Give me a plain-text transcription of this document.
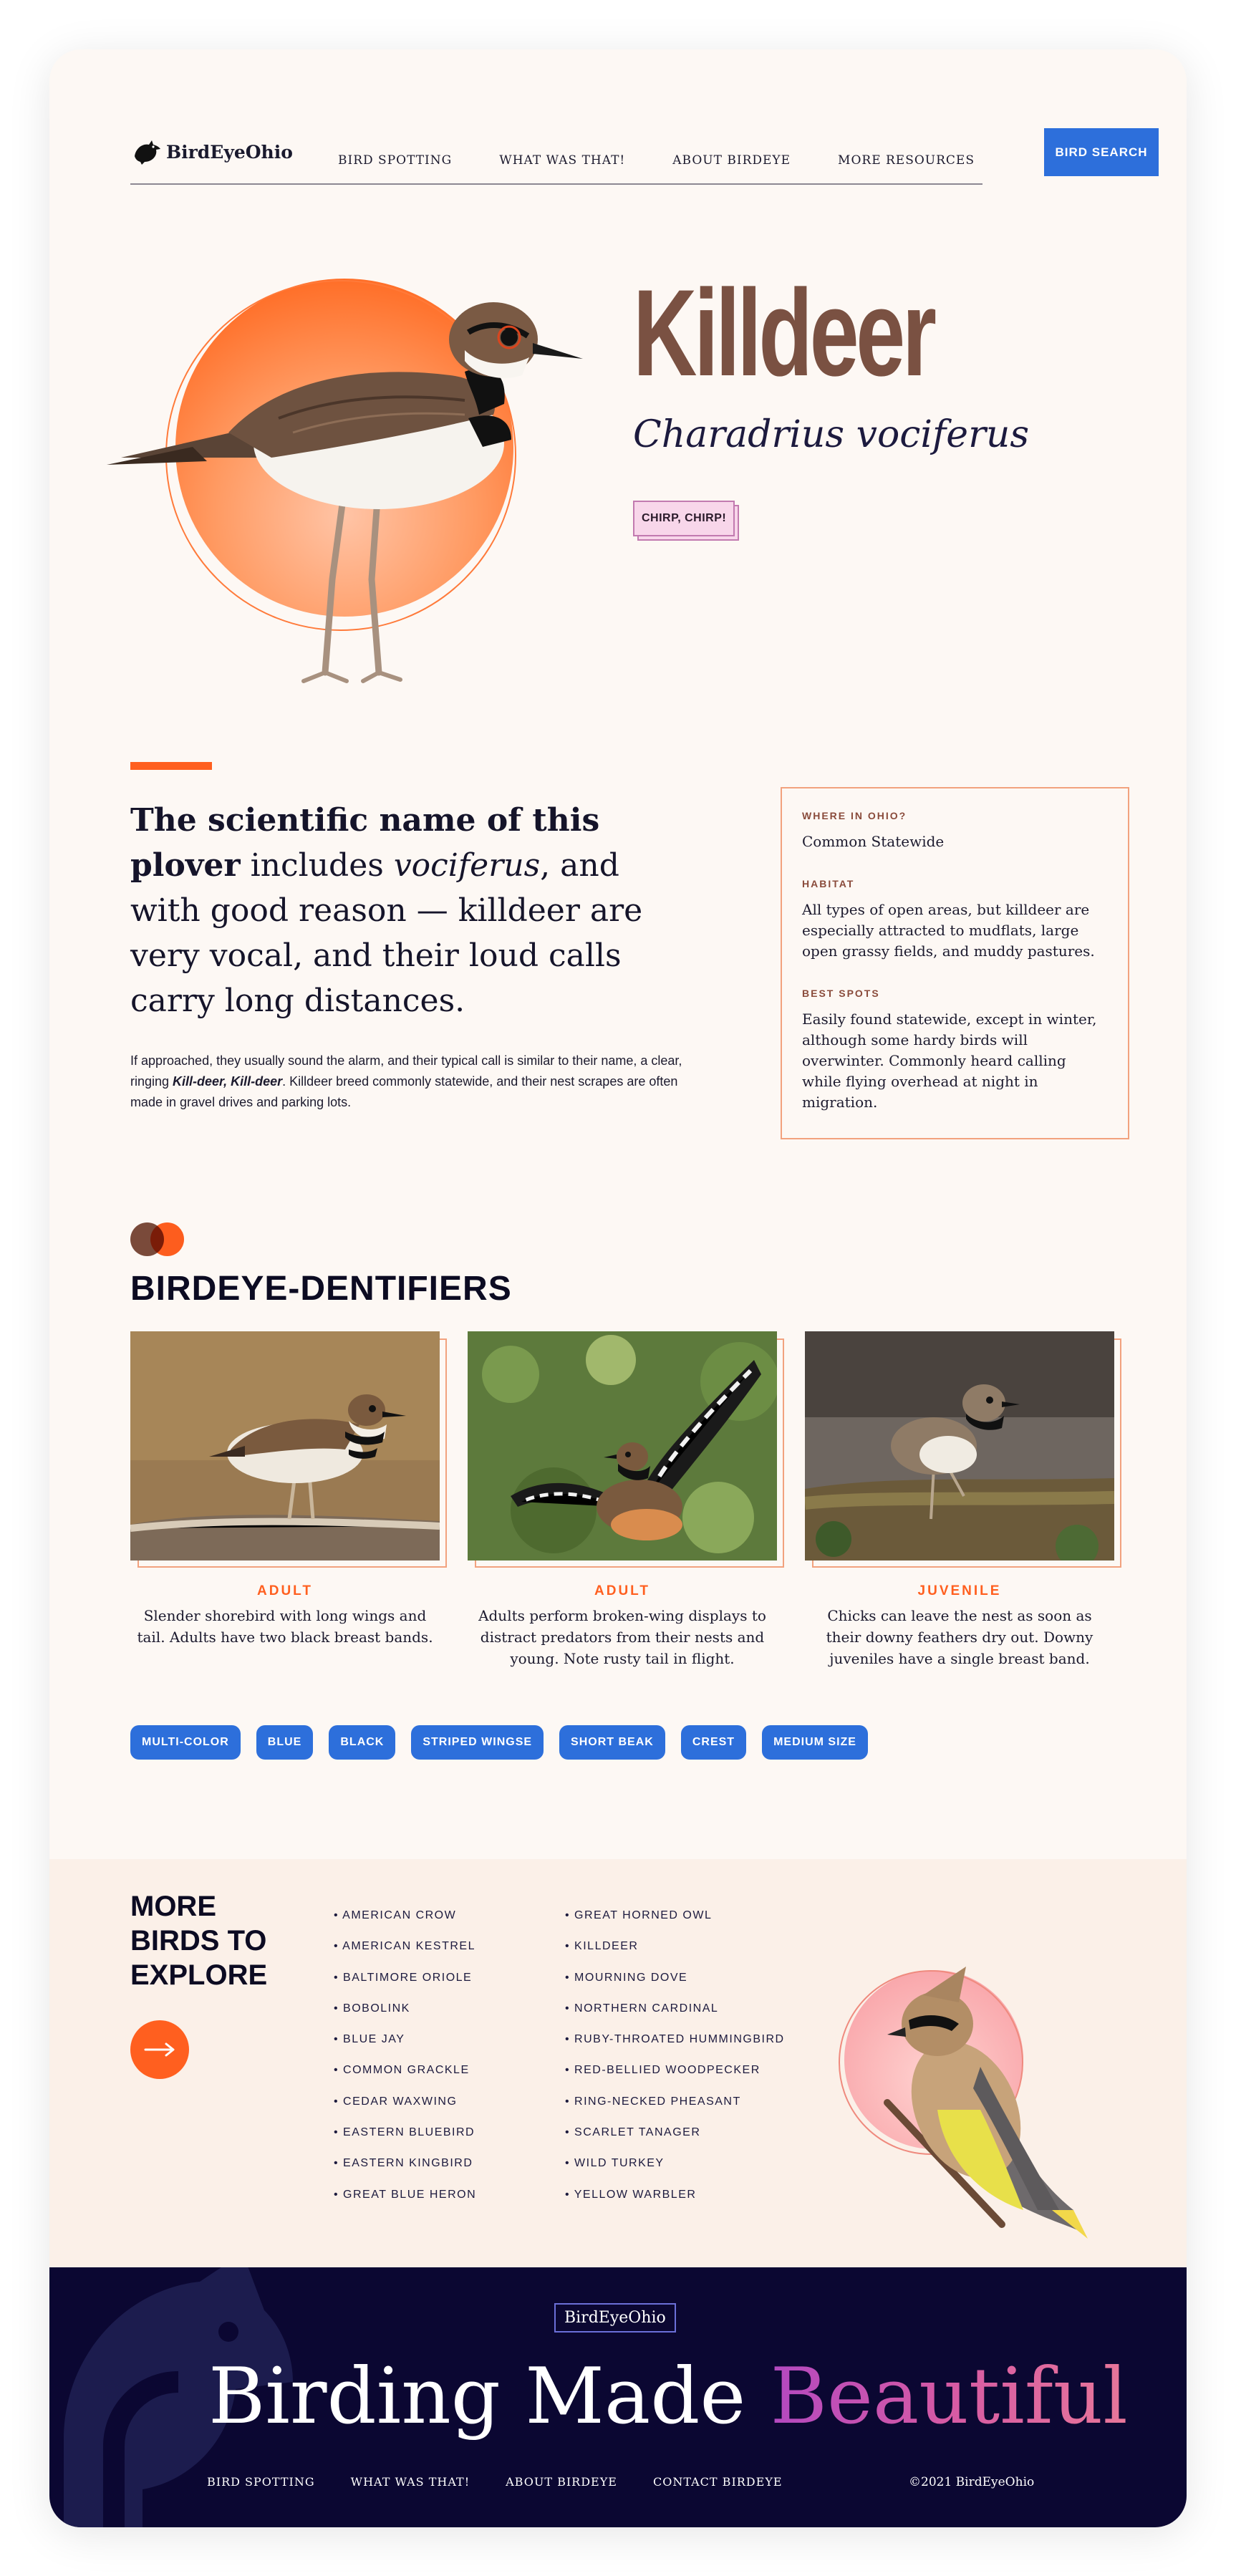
BirdEyeOhio	BIRD SPOTTING	WHAT WAS THAT!	ABOUT BIRDEYE	MORE RESOURCES
BIRD SEARCH
Killdeer
Charadrius vociferus
CHIRP, CHIRP!
The scientific name of this plover includes vociferus, and with good reason — killdeer are very vocal, and their loud calls carry long distances.
If approached, they usually sound the alarm, and their typical call is similar to their name, a clear, ringing Kill-deer, Kill-deer. Killdeer breed commonly statewide, and their nest scrapes are often made in gravel drives and parking lots.
WHERE IN OHIO?
Common Statewide
HABITAT
All types of open areas, but killdeer are especially attracted to mudflats, large open grassy fields, and muddy pastures.
BEST SPOTS
Easily found statewide, except in winter, although some hardy birds will overwinter. Commonly heard calling while flying overhead at night in migration.
BIRDEYE-DENTIFIERS
ADULT
Slender shorebird with long wings and tail. Adults have two black breast bands.
ADULT
Adults perform broken-wing displays to distract predators from their nests and young. Note rusty tail in flight.
JUVENILE
Chicks can leave the nest as soon as their downy feathers dry out. Downy juveniles have a single breast band.
MULTI-COLOR	BLUE	BLACK	STRIPED WINGSE	SHORT BEAK	CREST	MEDIUM SIZE
MORE
BIRDS TO
EXPLORE
• AMERICAN CROW
• AMERICAN KESTREL
• BALTIMORE ORIOLE
• BOBOLINK
• BLUE JAY
• COMMON GRACKLE
• CEDAR WAXWING
• EASTERN BLUEBIRD
• EASTERN KINGBIRD
• GREAT BLUE HERON
• GREAT HORNED OWL
• KILLDEER
• MOURNING DOVE
• NORTHERN CARDINAL
• RUBY-THROATED HUMMINGBIRD
• RED-BELLIED WOODPECKER
• RING-NECKED PHEASANT
• SCARLET TANAGER
• WILD TURKEY
• YELLOW WARBLER
BirdEyeOhio
Birding Made Beautiful
BIRD SPOTTING	WHAT WAS THAT!	ABOUT BIRDEYE	CONTACT BIRDEYE	©2021 BirdEyeOhio
